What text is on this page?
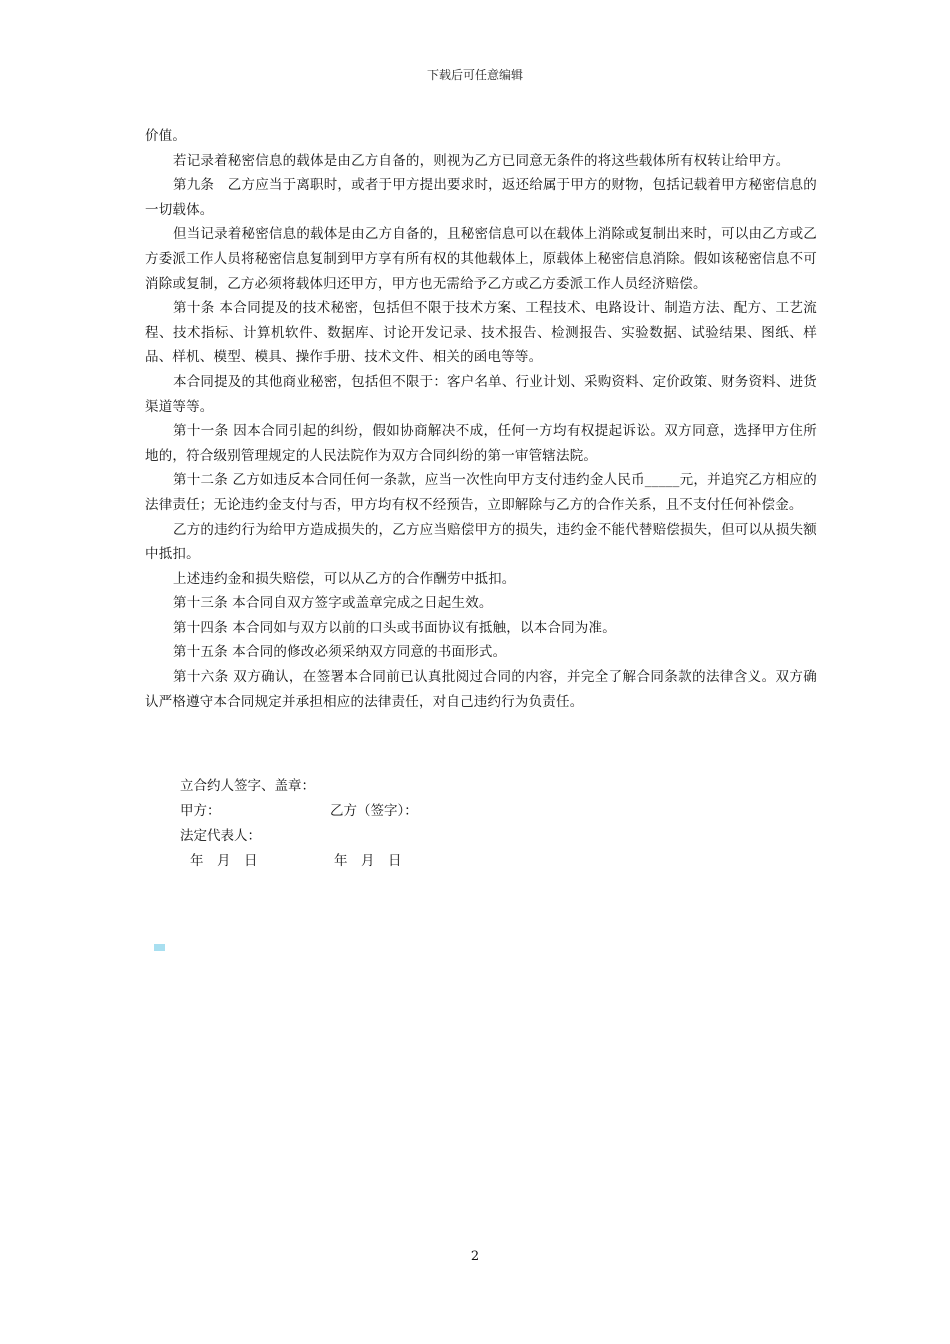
下载后可任意编辑

价值。

若记录着秘密信息的载体是由乙方自备的，则视为乙方已同意无条件的将这些载体所有权转让给甲方。

第九条　乙方应当于离职时，或者于甲方提出要求时，返还给属于甲方的财物，包括记载着甲方秘密信息的一切载体。

但当记录着秘密信息的载体是由乙方自备的，且秘密信息可以在载体上消除或复制出来时，可以由乙方或乙方委派工作人员将秘密信息复制到甲方享有所有权的其他载体上，原载体上秘密信息消除。假如该秘密信息不可消除或复制，乙方必须将载体归还甲方，甲方也无需给予乙方或乙方委派工作人员经济赔偿。

第十条 本合同提及的技术秘密，包括但不限于技术方案、工程技术、电路设计、制造方法、配方、工艺流程、技术指标、计算机软件、数据库、讨论开发记录、技术报告、检测报告、实验数据、试验结果、图纸、样品、样机、模型、模具、操作手册、技术文件、相关的函电等等。

本合同提及的其他商业秘密，包括但不限于：客户名单、行业计划、采购资料、定价政策、财务资料、进货渠道等等。

第十一条 因本合同引起的纠纷，假如协商解决不成，任何一方均有权提起诉讼。双方同意，选择甲方住所地的，符合级别管理规定的人民法院作为双方合同纠纷的第一审管辖法院。

第十二条 乙方如违反本合同任何一条款，应当一次性向甲方支付违约金人民币_____元，并追究乙方相应的法律责任；无论违约金支付与否，甲方均有权不经预告，立即解除与乙方的合作关系，且不支付任何补偿金。

乙方的违约行为给甲方造成损失的，乙方应当赔偿甲方的损失，违约金不能代替赔偿损失，但可以从损失额中抵扣。

上述违约金和损失赔偿，可以从乙方的合作酬劳中抵扣。

第十三条 本合同自双方签字或盖章完成之日起生效。

第十四条 本合同如与双方以前的口头或书面协议有抵触，以本合同为准。

第十五条 本合同的修改必须采纳双方同意的书面形式。

第十六条 双方确认，在签署本合同前已认真批阅过合同的内容，并完全了解合同条款的法律含义。双方确认严格遵守本合同规定并承担相应的法律责任，对自己违约行为负责任。

立合约人签字、盖章：
甲方：	乙方（签字）：
法定代表人：
年　月　日	年　月　日
2
